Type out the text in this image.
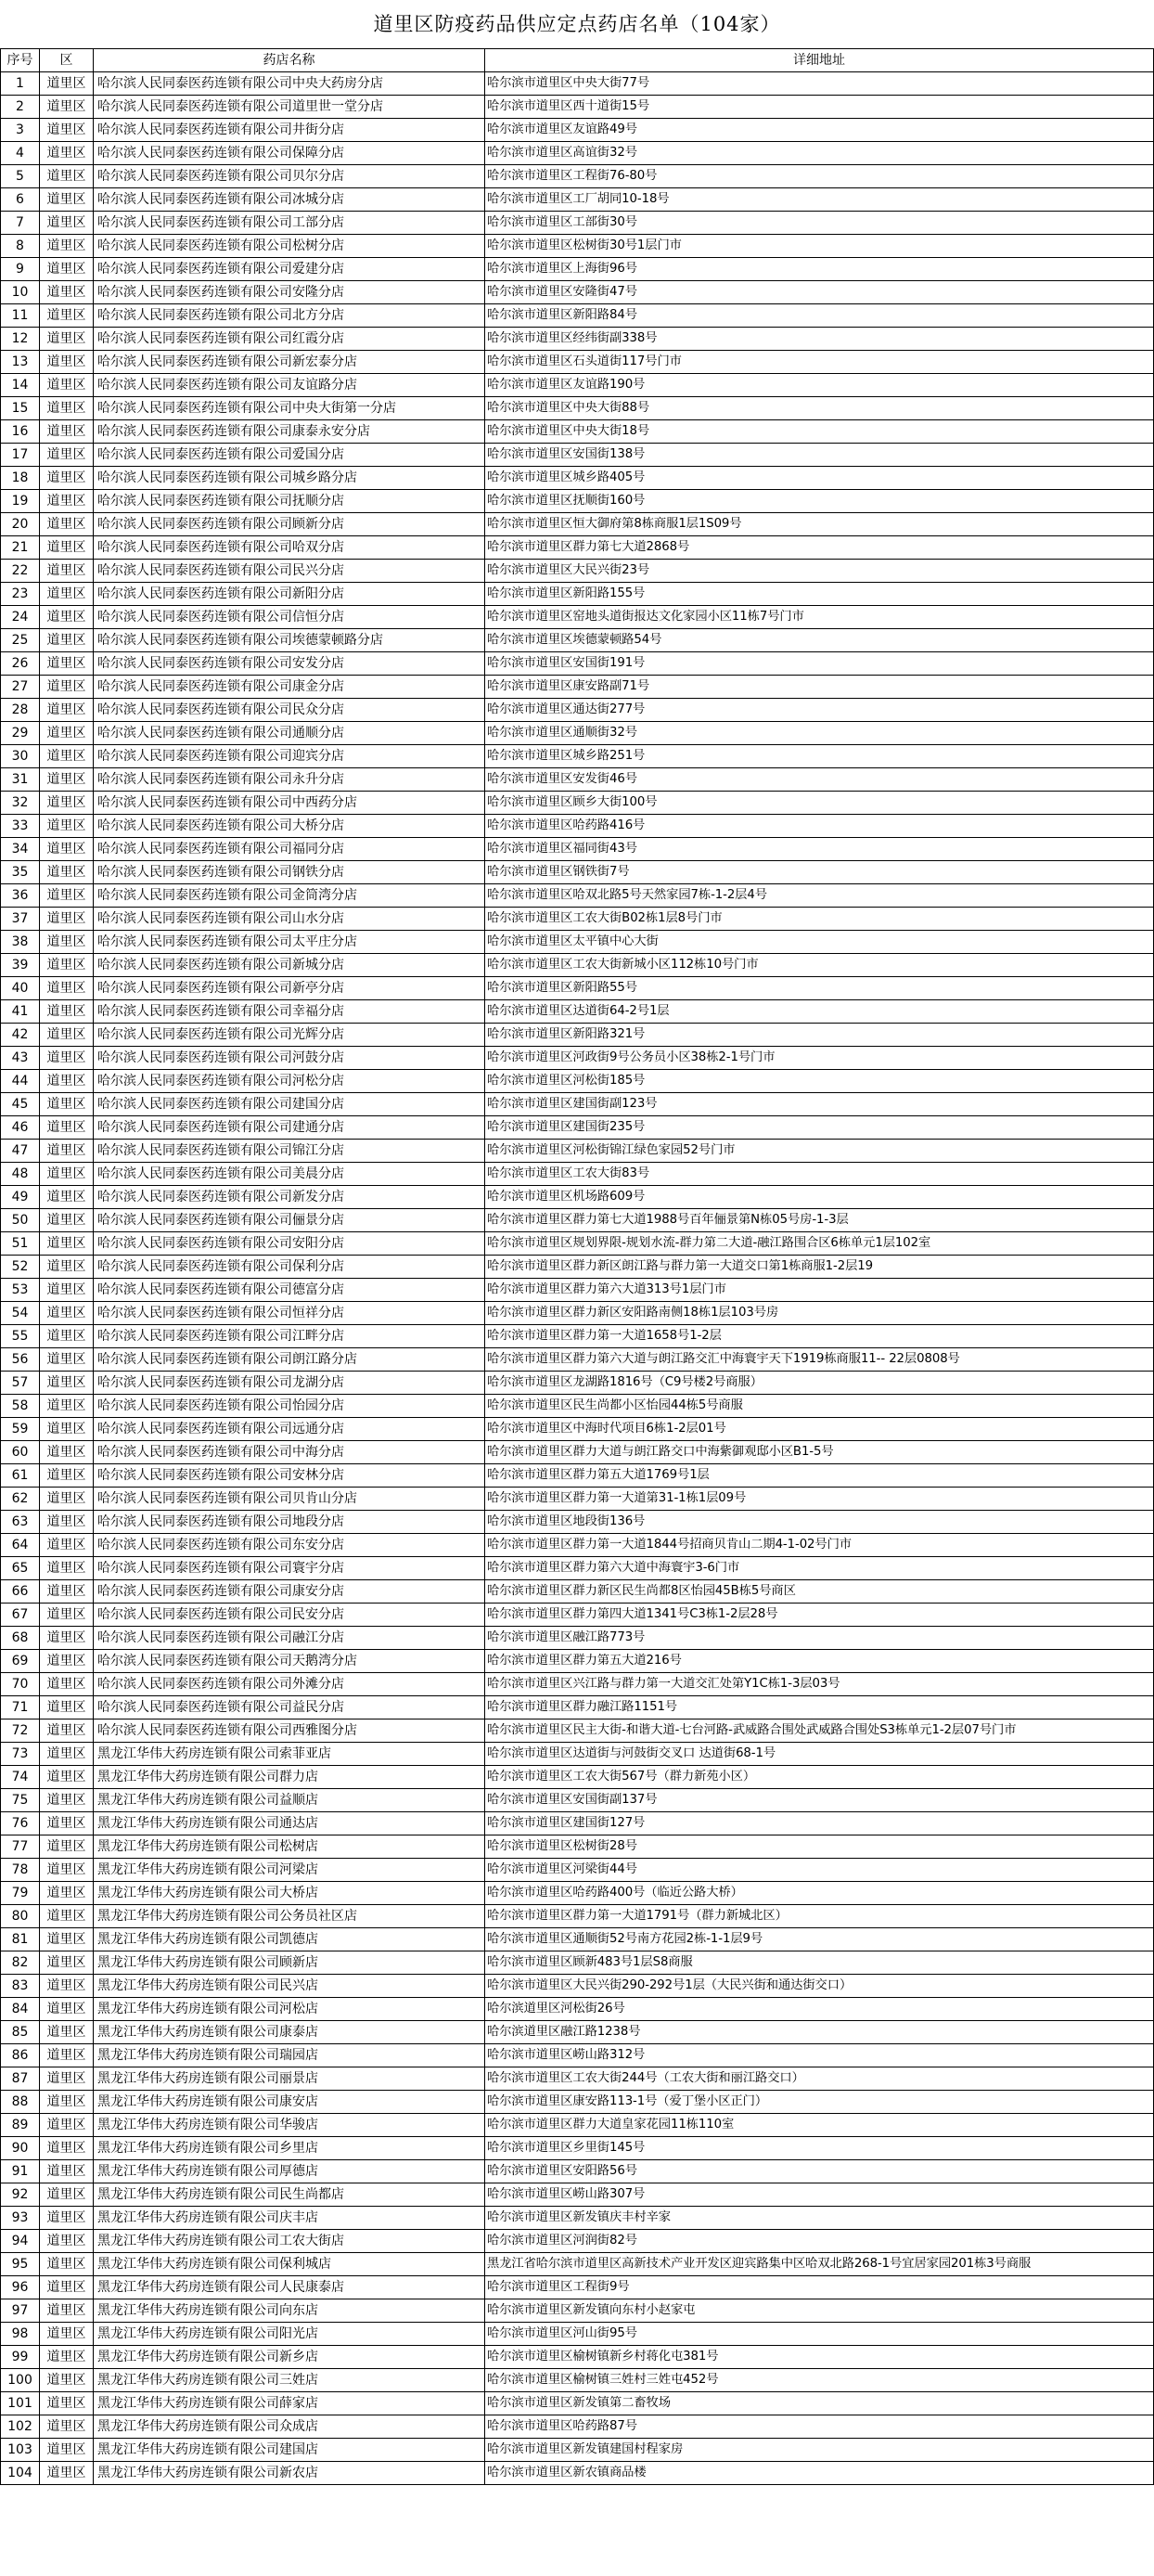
道里区防疫药品供应定点药店名单（104家）
序号	区	药店名称	详细地址
1	道里区	哈尔滨人民同泰医药连锁有限公司中央大药房分店	哈尔滨市道里区中央大街77号
2	道里区	哈尔滨人民同泰医药连锁有限公司道里世一堂分店	哈尔滨市道里区西十道街15号
3	道里区	哈尔滨人民同泰医药连锁有限公司井街分店	哈尔滨市道里区友谊路49号
4	道里区	哈尔滨人民同泰医药连锁有限公司保障分店	哈尔滨市道里区高谊街32号
5	道里区	哈尔滨人民同泰医药连锁有限公司贝尔分店	哈尔滨市道里区工程街76-80号
6	道里区	哈尔滨人民同泰医药连锁有限公司冰城分店	哈尔滨市道里区工厂胡同10-18号
7	道里区	哈尔滨人民同泰医药连锁有限公司工部分店	哈尔滨市道里区工部街30号
8	道里区	哈尔滨人民同泰医药连锁有限公司松树分店	哈尔滨市道里区松树街30号1层门市
9	道里区	哈尔滨人民同泰医药连锁有限公司爱建分店	哈尔滨市道里区上海街96号
10	道里区	哈尔滨人民同泰医药连锁有限公司安隆分店	哈尔滨市道里区安隆街47号
11	道里区	哈尔滨人民同泰医药连锁有限公司北方分店	哈尔滨市道里区新阳路84号
12	道里区	哈尔滨人民同泰医药连锁有限公司红霞分店	哈尔滨市道里区经纬街副338号
13	道里区	哈尔滨人民同泰医药连锁有限公司新宏泰分店	哈尔滨市道里区石头道街117号门市
14	道里区	哈尔滨人民同泰医药连锁有限公司友谊路分店	哈尔滨市道里区友谊路190号
15	道里区	哈尔滨人民同泰医药连锁有限公司中央大街第一分店	哈尔滨市道里区中央大街88号
16	道里区	哈尔滨人民同泰医药连锁有限公司康泰永安分店	哈尔滨市道里区中央大街18号
17	道里区	哈尔滨人民同泰医药连锁有限公司爱国分店	哈尔滨市道里区安国街138号
18	道里区	哈尔滨人民同泰医药连锁有限公司城乡路分店	哈尔滨市道里区城乡路405号
19	道里区	哈尔滨人民同泰医药连锁有限公司抚顺分店	哈尔滨市道里区抚顺街160号
20	道里区	哈尔滨人民同泰医药连锁有限公司顾新分店	哈尔滨市道里区恒大御府第8栋商服1层1S09号
21	道里区	哈尔滨人民同泰医药连锁有限公司哈双分店	哈尔滨市道里区群力第七大道2868号
22	道里区	哈尔滨人民同泰医药连锁有限公司民兴分店	哈尔滨市道里区大民兴街23号
23	道里区	哈尔滨人民同泰医药连锁有限公司新阳分店	哈尔滨市道里区新阳路155号
24	道里区	哈尔滨人民同泰医药连锁有限公司信恒分店	哈尔滨市道里区窑地头道街报达文化家园小区11栋7号门市
25	道里区	哈尔滨人民同泰医药连锁有限公司埃德蒙顿路分店	哈尔滨市道里区埃德蒙顿路54号
26	道里区	哈尔滨人民同泰医药连锁有限公司安发分店	哈尔滨市道里区安国街191号
27	道里区	哈尔滨人民同泰医药连锁有限公司康金分店	哈尔滨市道里区康安路副71号
28	道里区	哈尔滨人民同泰医药连锁有限公司民众分店	哈尔滨市道里区通达街277号
29	道里区	哈尔滨人民同泰医药连锁有限公司通顺分店	哈尔滨市道里区通顺街32号
30	道里区	哈尔滨人民同泰医药连锁有限公司迎宾分店	哈尔滨市道里区城乡路251号
31	道里区	哈尔滨人民同泰医药连锁有限公司永升分店	哈尔滨市道里区安发街46号
32	道里区	哈尔滨人民同泰医药连锁有限公司中西药分店	哈尔滨市道里区顾乡大街100号
33	道里区	哈尔滨人民同泰医药连锁有限公司大桥分店	哈尔滨市道里区哈药路416号
34	道里区	哈尔滨人民同泰医药连锁有限公司福同分店	哈尔滨市道里区福同街43号
35	道里区	哈尔滨人民同泰医药连锁有限公司钢铁分店	哈尔滨市道里区钢铁街7号
36	道里区	哈尔滨人民同泰医药连锁有限公司金筒湾分店	哈尔滨市道里区哈双北路5号天然家园7栋-1-2层4号
37	道里区	哈尔滨人民同泰医药连锁有限公司山水分店	哈尔滨市道里区工农大街B02栋1层8号门市
38	道里区	哈尔滨人民同泰医药连锁有限公司太平庄分店	哈尔滨市道里区太平镇中心大街
39	道里区	哈尔滨人民同泰医药连锁有限公司新城分店	哈尔滨市道里区工农大街新城小区112栋10号门市
40	道里区	哈尔滨人民同泰医药连锁有限公司新亭分店	哈尔滨市道里区新阳路55号
41	道里区	哈尔滨人民同泰医药连锁有限公司幸福分店	哈尔滨市道里区达道街64-2号1层
42	道里区	哈尔滨人民同泰医药连锁有限公司光辉分店	哈尔滨市道里区新阳路321号
43	道里区	哈尔滨人民同泰医药连锁有限公司河鼓分店	哈尔滨市道里区河政街9号公务员小区38栋2-1号门市
44	道里区	哈尔滨人民同泰医药连锁有限公司河松分店	哈尔滨市道里区河松街185号
45	道里区	哈尔滨人民同泰医药连锁有限公司建国分店	哈尔滨市道里区建国街副123号
46	道里区	哈尔滨人民同泰医药连锁有限公司建通分店	哈尔滨市道里区建国街235号
47	道里区	哈尔滨人民同泰医药连锁有限公司锦江分店	哈尔滨市道里区河松街锦江绿色家园52号门市
48	道里区	哈尔滨人民同泰医药连锁有限公司美晨分店	哈尔滨市道里区工农大街83号
49	道里区	哈尔滨人民同泰医药连锁有限公司新发分店	哈尔滨市道里区机场路609号
50	道里区	哈尔滨人民同泰医药连锁有限公司俪景分店	哈尔滨市道里区群力第七大道1988号百年俪景第N栋05号房-1-3层
51	道里区	哈尔滨人民同泰医药连锁有限公司安阳分店	哈尔滨市道里区规划界限-规划水流-群力第二大道-融江路围合区6栋单元1层102室
52	道里区	哈尔滨人民同泰医药连锁有限公司保利分店	哈尔滨市道里区群力新区朗江路与群力第一大道交口第1栋商服1-2层19
53	道里区	哈尔滨人民同泰医药连锁有限公司德富分店	哈尔滨市道里区群力第六大道313号1层门市
54	道里区	哈尔滨人民同泰医药连锁有限公司恒祥分店	哈尔滨市道里区群力新区安阳路南侧18栋1层103号房
55	道里区	哈尔滨人民同泰医药连锁有限公司江畔分店	哈尔滨市道里区群力第一大道1658号1-2层
56	道里区	哈尔滨人民同泰医药连锁有限公司朗江路分店	哈尔滨市道里区群力第六大道与朗江路交汇中海寰宇天下1919栋商服11-- 22层0808号
57	道里区	哈尔滨人民同泰医药连锁有限公司龙湖分店	哈尔滨市道里区龙湖路1816号（C9号楼2号商服）
58	道里区	哈尔滨人民同泰医药连锁有限公司怡园分店	哈尔滨市道里区民生尚都小区怡园44栋5号商服
59	道里区	哈尔滨人民同泰医药连锁有限公司远通分店	哈尔滨市道里区中海时代项目6栋1-2层01号
60	道里区	哈尔滨人民同泰医药连锁有限公司中海分店	哈尔滨市道里区群力大道与朗江路交口中海紫御观邸小区B1-5号
61	道里区	哈尔滨人民同泰医药连锁有限公司安林分店	哈尔滨市道里区群力第五大道1769号1层
62	道里区	哈尔滨人民同泰医药连锁有限公司贝肯山分店	哈尔滨市道里区群力第一大道第31-1栋1层09号
63	道里区	哈尔滨人民同泰医药连锁有限公司地段分店	哈尔滨市道里区地段街136号
64	道里区	哈尔滨人民同泰医药连锁有限公司东安分店	哈尔滨市道里区群力第一大道1844号招商贝肯山二期4-1-02号门市
65	道里区	哈尔滨人民同泰医药连锁有限公司寰宇分店	哈尔滨市道里区群力第六大道中海寰宇3-6门市
66	道里区	哈尔滨人民同泰医药连锁有限公司康安分店	哈尔滨市道里区群力新区民生尚都8区怡园45B栋5号商区
67	道里区	哈尔滨人民同泰医药连锁有限公司民安分店	哈尔滨市道里区群力第四大道1341号C3栋1-2层28号
68	道里区	哈尔滨人民同泰医药连锁有限公司融江分店	哈尔滨市道里区融江路773号
69	道里区	哈尔滨人民同泰医药连锁有限公司天鹅湾分店	哈尔滨市道里区群力第五大道216号
70	道里区	哈尔滨人民同泰医药连锁有限公司外滩分店	哈尔滨市道里区兴江路与群力第一大道交汇处第Y1C栋1-3层03号
71	道里区	哈尔滨人民同泰医药连锁有限公司益民分店	哈尔滨市道里区群力融江路1151号
72	道里区	哈尔滨人民同泰医药连锁有限公司西雅图分店	哈尔滨市道里区民主大街-和谐大道-七台河路-武威路合围处武威路合围处S3栋单元1-2层07号门市
73	道里区	黑龙江华伟大药房连锁有限公司索菲亚店	哈尔滨市道里区达道街与河鼓街交叉口 达道街68-1号
74	道里区	黑龙江华伟大药房连锁有限公司群力店	哈尔滨市道里区工农大街567号（群力新苑小区）
75	道里区	黑龙江华伟大药房连锁有限公司益顺店	哈尔滨市道里区安国街副137号
76	道里区	黑龙江华伟大药房连锁有限公司通达店	哈尔滨市道里区建国街127号
77	道里区	黑龙江华伟大药房连锁有限公司松树店	哈尔滨市道里区松树街28号
78	道里区	黑龙江华伟大药房连锁有限公司河梁店	哈尔滨市道里区河梁街44号
79	道里区	黑龙江华伟大药房连锁有限公司大桥店	哈尔滨市道里区哈药路400号（临近公路大桥）
80	道里区	黑龙江华伟大药房连锁有限公司公务员社区店	哈尔滨市道里区群力第一大道1791号（群力新城北区）
81	道里区	黑龙江华伟大药房连锁有限公司凯德店	哈尔滨市道里区通顺街52号南方花园2栋-1-1层9号
82	道里区	黑龙江华伟大药房连锁有限公司顾新店	哈尔滨市道里区顾新483号1层S8商服
83	道里区	黑龙江华伟大药房连锁有限公司民兴店	哈尔滨市道里区大民兴街290-292号1层（大民兴街和通达街交口）
84	道里区	黑龙江华伟大药房连锁有限公司河松店	哈尔滨道里区河松街26号
85	道里区	黑龙江华伟大药房连锁有限公司康泰店	哈尔滨道里区融江路1238号
86	道里区	黑龙江华伟大药房连锁有限公司瑞园店	哈尔滨市道里区崂山路312号
87	道里区	黑龙江华伟大药房连锁有限公司丽景店	哈尔滨市道里区工农大街244号（工农大街和丽江路交口）
88	道里区	黑龙江华伟大药房连锁有限公司康安店	哈尔滨市道里区康安路113-1号（爱丁堡小区正门）
89	道里区	黑龙江华伟大药房连锁有限公司华骏店	哈尔滨市道里区群力大道皇家花园11栋110室
90	道里区	黑龙江华伟大药房连锁有限公司乡里店	哈尔滨市道里区乡里街145号
91	道里区	黑龙江华伟大药房连锁有限公司厚德店	哈尔滨市道里区安阳路56号
92	道里区	黑龙江华伟大药房连锁有限公司民生尚都店	哈尔滨市道里区崂山路307号
93	道里区	黑龙江华伟大药房连锁有限公司庆丰店	哈尔滨市道里区新发镇庆丰村辛家
94	道里区	黑龙江华伟大药房连锁有限公司工农大街店	哈尔滨市道里区河润街82号
95	道里区	黑龙江华伟大药房连锁有限公司保利城店	黑龙江省哈尔滨市道里区高新技术产业开发区迎宾路集中区哈双北路268-1号宜居家园201栋3号商服
96	道里区	黑龙江华伟大药房连锁有限公司人民康泰店	哈尔滨市道里区工程街9号
97	道里区	黑龙江华伟大药房连锁有限公司向东店	哈尔滨市道里区新发镇向东村小赵家屯
98	道里区	黑龙江华伟大药房连锁有限公司阳光店	哈尔滨市道里区河山街95号
99	道里区	黑龙江华伟大药房连锁有限公司新乡店	哈尔滨市道里区榆树镇新乡村蒋化屯381号
100	道里区	黑龙江华伟大药房连锁有限公司三姓店	哈尔滨市道里区榆树镇三姓村三姓屯452号
101	道里区	黑龙江华伟大药房连锁有限公司薛家店	哈尔滨市道里区新发镇第二畜牧场
102	道里区	黑龙江华伟大药房连锁有限公司众成店	哈尔滨市道里区哈药路87号
103	道里区	黑龙江华伟大药房连锁有限公司建国店	哈尔滨市道里区新发镇建国村程家房
104	道里区	黑龙江华伟大药房连锁有限公司新农店	哈尔滨市道里区新农镇商品楼
